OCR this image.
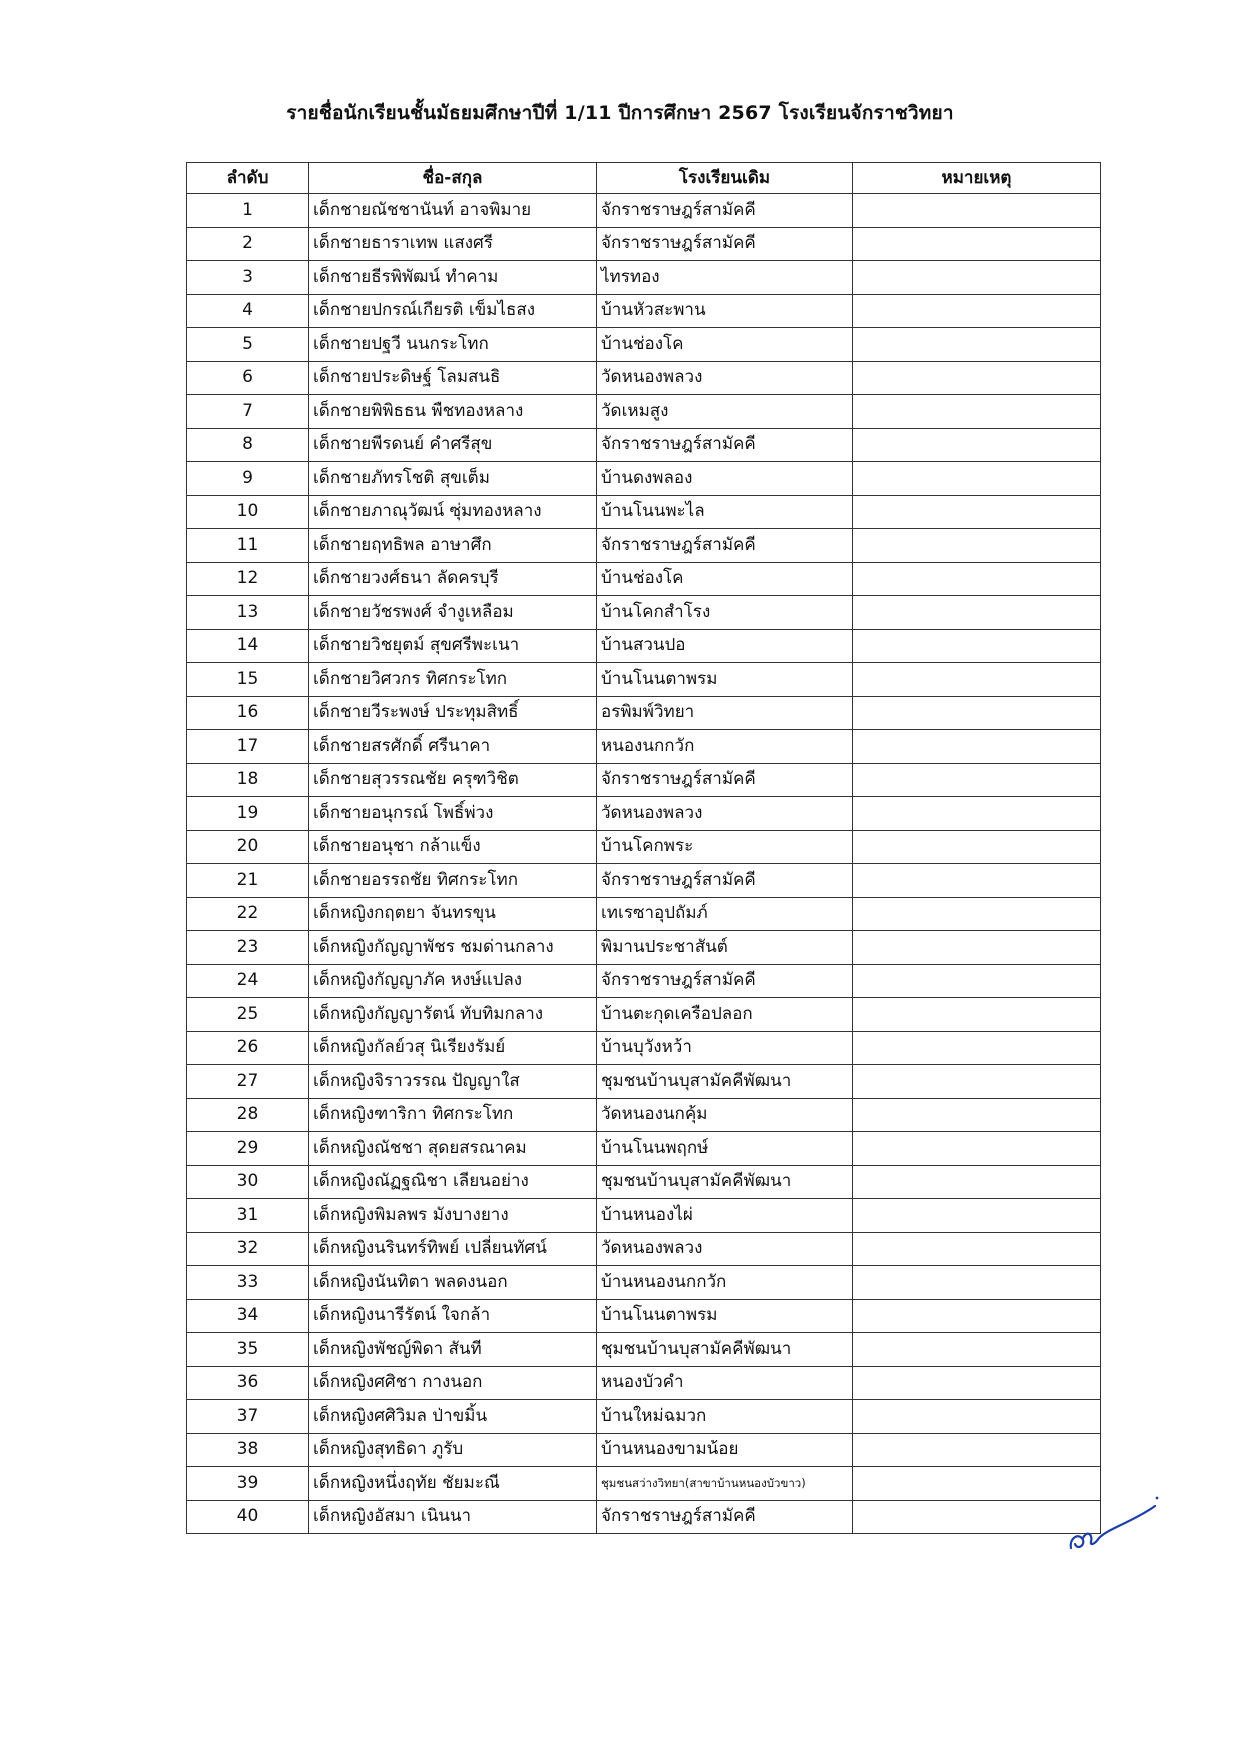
รายชื่อนักเรียนชั้นมัธยมศึกษาปีที่ 1/11 ปีการศึกษา 2567 โรงเรียนจักราชวิทยา
ลำดับ	ชื่อ-สกุล	โรงเรียนเดิม	หมายเหตุ
1	เด็กชายณัชชานันท์ อาจพิมาย	จักราชราษฎร์สามัคคี	
2	เด็กชายธาราเทพ แสงศรี	จักราชราษฎร์สามัคคี	
3	เด็กชายธีรพิพัฒน์ ทำคาม	ไทรทอง	
4	เด็กชายปกรณ์เกียรติ เข็มไธสง	บ้านหัวสะพาน	
5	เด็กชายปฐวี นนกระโทก	บ้านช่องโค	
6	เด็กชายประดิษฐ์ โลมสนธิ	วัดหนองพลวง	
7	เด็กชายพิพิธธน พืชทองหลาง	วัดเหมสูง	
8	เด็กชายพีรดนย์ คำศรีสุข	จักราชราษฎร์สามัคคี	
9	เด็กชายภัทรโชติ สุขเต็ม	บ้านดงพลอง	
10	เด็กชายภาณุวัฒน์ ซุ่มทองหลาง	บ้านโนนพะไล	
11	เด็กชายฤทธิพล อาษาศึก	จักราชราษฎร์สามัคคี	
12	เด็กชายวงศ์ธนา ลัดครบุรี	บ้านช่องโค	
13	เด็กชายวัชรพงศ์ จำงูเหลือม	บ้านโคกสำโรง	
14	เด็กชายวิชยุตม์ สุขศรีพะเนา	บ้านสวนปอ	
15	เด็กชายวิศวกร ทิศกระโทก	บ้านโนนตาพรม	
16	เด็กชายวีระพงษ์ ประทุมสิทธิ์	อรพิมพ์วิทยา	
17	เด็กชายสรศักดิ์ ศรีนาคา	หนองนกกวัก	
18	เด็กชายสุวรรณชัย ครุฑวิชิต	จักราชราษฎร์สามัคคี	
19	เด็กชายอนุกรณ์ โพธิ์พ่วง	วัดหนองพลวง	
20	เด็กชายอนุชา กล้าแข็ง	บ้านโคกพระ	
21	เด็กชายอรรถชัย ทิศกระโทก	จักราชราษฎร์สามัคคี	
22	เด็กหญิงกฤตยา จันทรขุน	เทเรซาอุปถัมภ์	
23	เด็กหญิงกัญญาพัชร ชมด่านกลาง	พิมานประชาสันต์	
24	เด็กหญิงกัญญาภัค หงษ์แปลง	จักราชราษฎร์สามัคคี	
25	เด็กหญิงกัญญารัตน์ ทับทิมกลาง	บ้านตะกุดเครือปลอก	
26	เด็กหญิงกัลย์วสุ นิเรียงรัมย์	บ้านบุวังหว้า	
27	เด็กหญิงจิราวรรณ ปัญญาใส	ชุมชนบ้านบุสามัคคีพัฒนา	
28	เด็กหญิงฑาริกา ทิศกระโทก	วัดหนองนกคุ้ม	
29	เด็กหญิงณัชชา สุดยสรณาคม	บ้านโนนพฤกษ์	
30	เด็กหญิงณัฏฐณิชา เลียนอย่าง	ชุมชนบ้านบุสามัคคีพัฒนา	
31	เด็กหญิงพิมลพร มังบางยาง	บ้านหนองไผ่	
32	เด็กหญิงนรินทร์ทิพย์ เปลี่ยนทัศน์	วัดหนองพลวง	
33	เด็กหญิงนันทิตา พลดงนอก	บ้านหนองนกกวัก	
34	เด็กหญิงนารีรัตน์ ใจกล้า	บ้านโนนตาพรม	
35	เด็กหญิงพัชญ์พิดา สันที	ชุมชนบ้านบุสามัคคีพัฒนา	
36	เด็กหญิงศศิชา กางนอก	หนองบัวคำ	
37	เด็กหญิงศศิวิมล ป่าขมิ้น	บ้านใหม่ฉมวก	
38	เด็กหญิงสุทธิดา ภูรับ	บ้านหนองขามน้อย	
39	เด็กหญิงหนึ่งฤทัย ชัยมะณี	ชุมชนสว่างวิทยา(สาขาบ้านหนองบัวขาว)	
40	เด็กหญิงอัสมา เนินนา	จักราชราษฎร์สามัคคี	
